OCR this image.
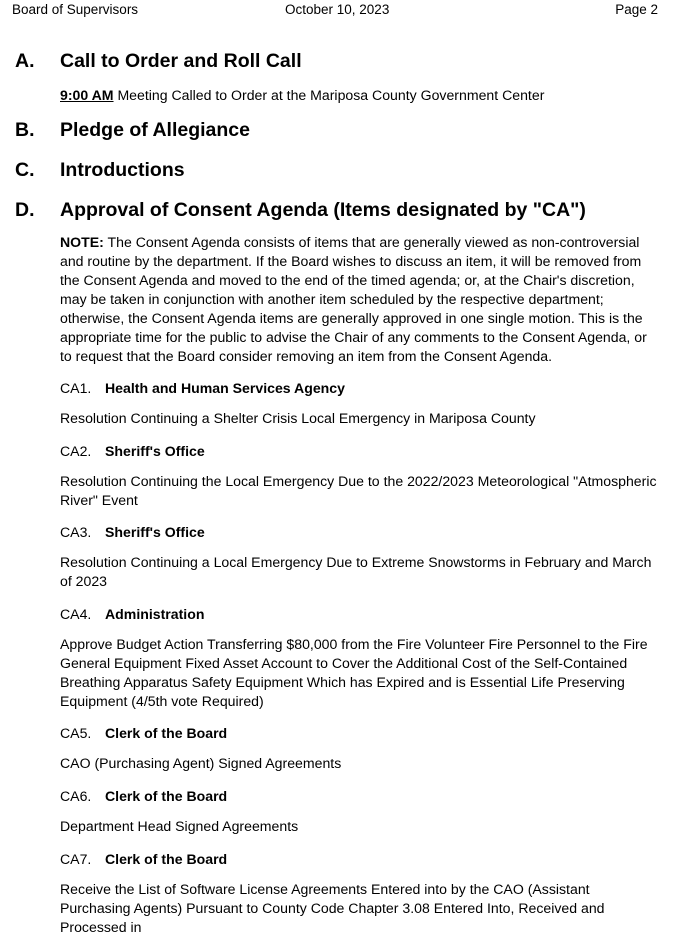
Board of Supervisors	October 10, 2023	Page 2
A. Call to Order and Roll Call
9:00 AM Meeting Called to Order at the Mariposa County Government Center
B. Pledge of Allegiance
C. Introductions
D. Approval of Consent Agenda (Items designated by "CA")
NOTE: The Consent Agenda consists of items that are generally viewed as non-controversial and routine by the department. If the Board wishes to discuss an item, it will be removed from the Consent Agenda and moved to the end of the timed agenda; or, at the Chair's discretion, may be taken in conjunction with another item scheduled by the respective department; otherwise, the Consent Agenda items are generally approved in one single motion. This is the appropriate time for the public to advise the Chair of any comments to the Consent Agenda, or to request that the Board consider removing an item from the Consent Agenda.
CA1. Health and Human Services Agency
Resolution Continuing a Shelter Crisis Local Emergency in Mariposa County
CA2. Sheriff's Office
Resolution Continuing the Local Emergency Due to the 2022/2023 Meteorological "Atmospheric River" Event
CA3. Sheriff's Office
Resolution Continuing a Local Emergency Due to Extreme Snowstorms in February and March of 2023
CA4. Administration
Approve Budget Action Transferring $80,000 from the Fire Volunteer Fire Personnel to the Fire General Equipment Fixed Asset Account to Cover the Additional Cost of the Self-Contained Breathing Apparatus Safety Equipment Which has Expired and is Essential Life Preserving Equipment (4/5th vote Required)
CA5. Clerk of the Board
CAO (Purchasing Agent) Signed Agreements
CA6. Clerk of the Board
Department Head Signed Agreements
CA7. Clerk of the Board
Receive the List of Software License Agreements Entered into by the CAO (Assistant Purchasing Agents) Pursuant to County Code Chapter 3.08 Entered Into, Received and Processed in
